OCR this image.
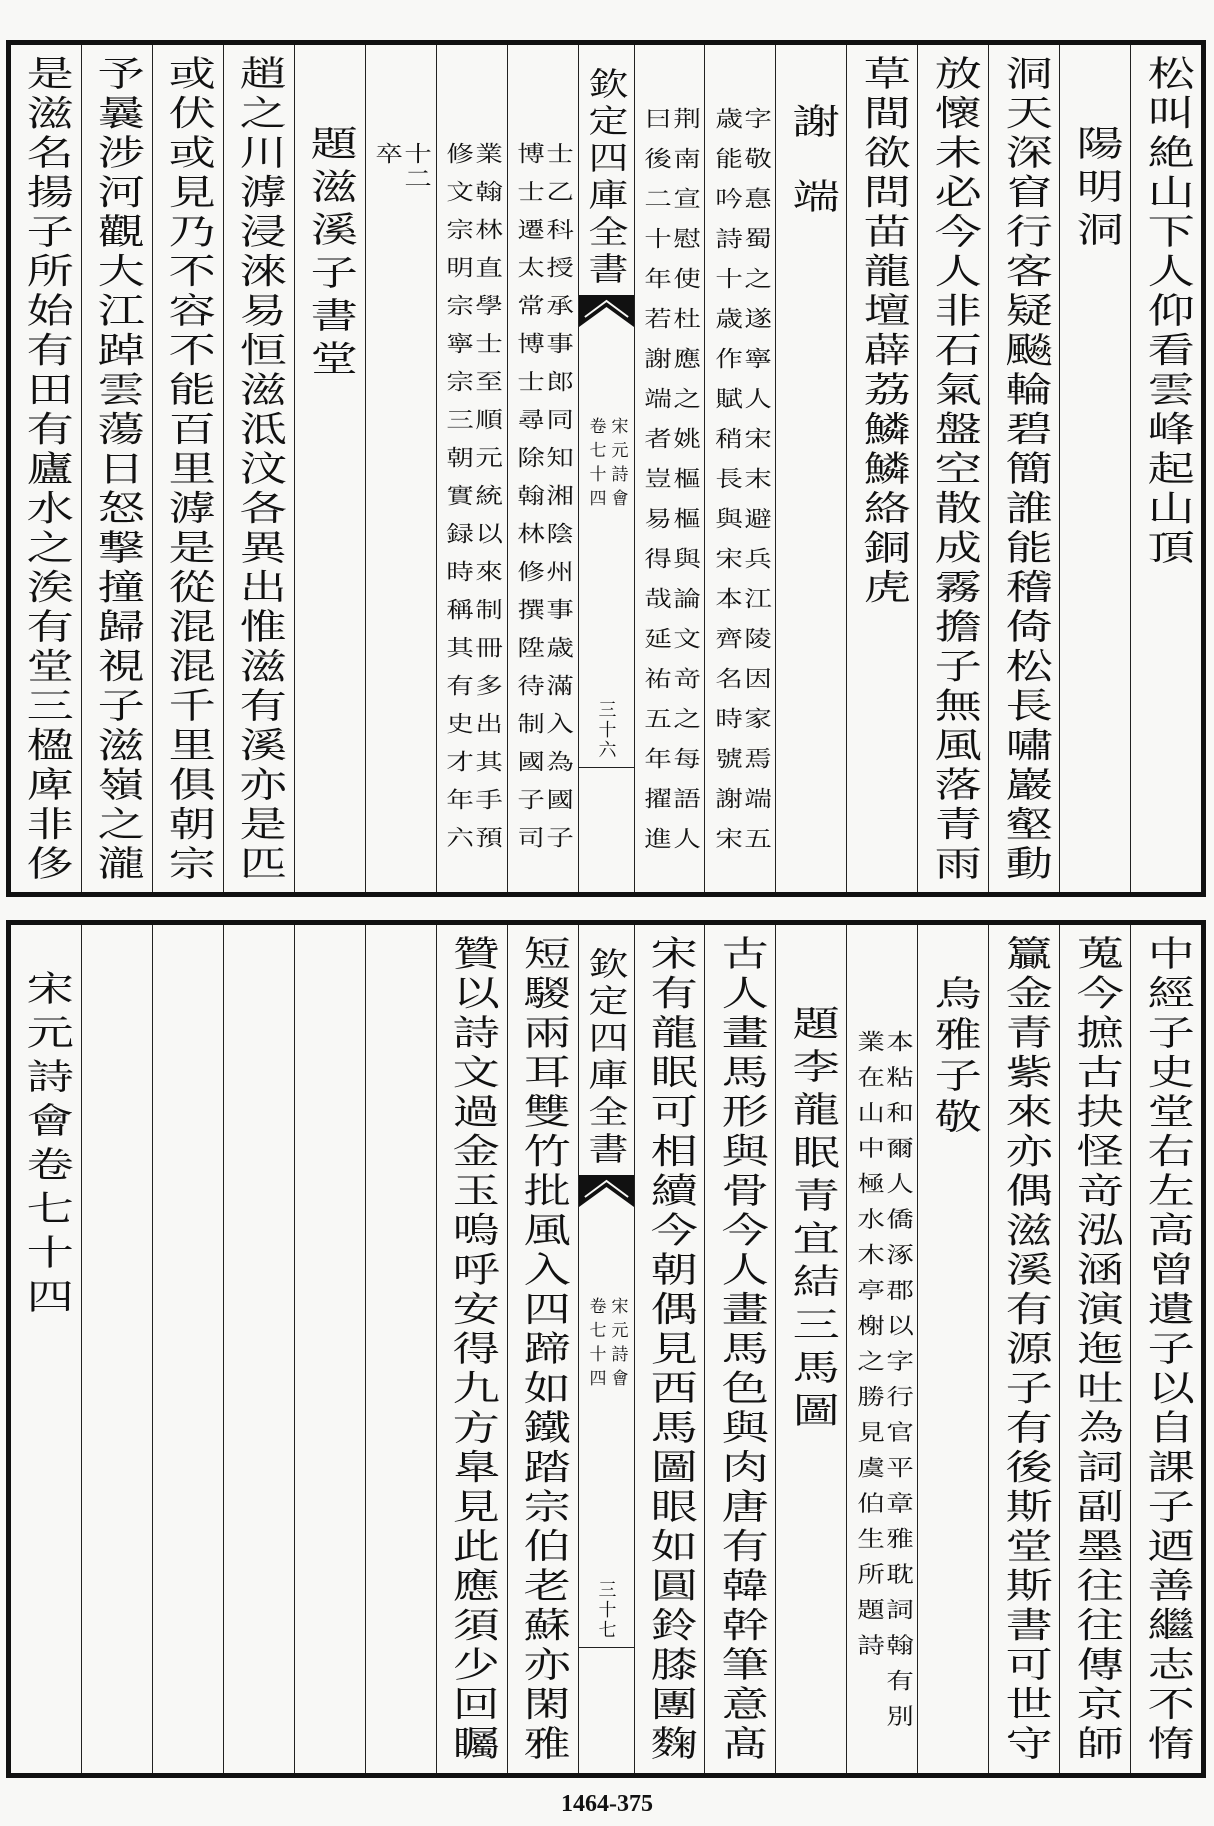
松叫絶山下人仰看雲峰起山頂
陽明洞
洞天深窅行客疑飈輪碧簡誰能稽倚松長嘯巖壑動
放懷未必今人非石氣盤空散成霧擔子無風落青雨
草間欲問苗龍壇薜荔鱗鱗絡銅虎
謝端
字敬惪蜀之遂寧人宋末避兵江陵因家焉端五
歳能吟詩十歳作賦稍長與宋本齊名時號謝宋
荆南宣慰使杜應之姚樞樞與論文竒之每語人
曰後二十年若謝端者豈易得哉延祐五年擢進
欽定四庫全書
宋元詩會
卷七十四
三十六
士乙科授承事郎同知湘陰州事歳滿入為國子
博士遷太常博士尋除翰林修撰陞待制國子司
業翰林直學士至順元統以來制冊多出其手預
修文宗明宗寧宗三朝實録時稱其有史才年六
十二
卒
題滋溪子書堂
趙之川滹浸淶易恒滋泜汶各異出惟滋有溪亦是匹
或伏或見乃不容不能百里滹是從混混千里俱朝宗
予曩涉河觀大江踔雲蕩日怒撃撞歸視子滋嶺之瀧
是滋名揚子所始有田有廬水之涘有堂三楹庳非侈
中經子史堂右左高曾遺子以自課子迺善繼志不惰
蒐今摭古抉怪竒泓涵演迤吐為詞副墨往往傳京師
籯金青紫來亦偶滋溪有源子有後斯堂斯書可世守
烏雅子敬
本粘和爾人僑涿郡以字行官平章雅耽詞翰有別
業在山中極水木亭榭之勝見虞伯生所題詩
題李龍眠青宜結三馬圖
古人畫馬形與骨今人畫馬色與肉唐有韓幹筆意髙
宋有龍眠可相續今朝偶見西馬圖眼如圓鈴膝團麴
欽定四庫全書
宋元詩會
卷七十四
三十七
短騣兩耳雙竹批風入四蹄如鐵踏宗伯老蘇亦閑雅
贊以詩文過金玉嗚呼安得九方臯見此應須少回矚
宋元詩會卷七十四
1464-375
